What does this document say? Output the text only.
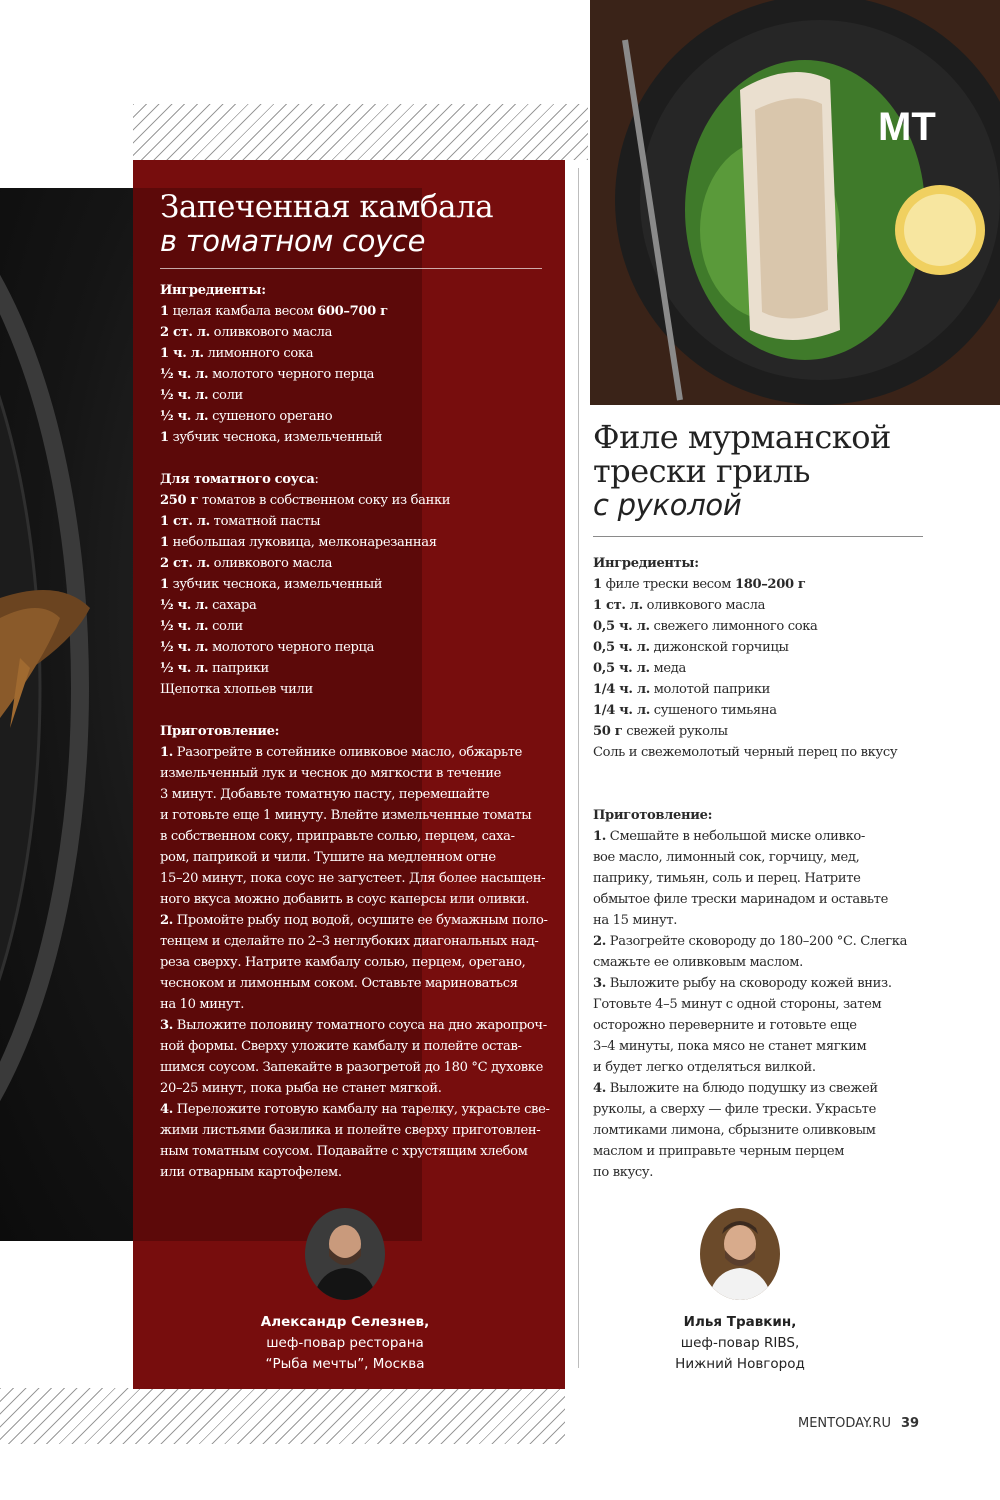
Запеченная камбала
в томатном соусе
Ингредиенты:
1 целая камбала весом 600–700 г
2 ст. л. оливкового масла
1 ч. л. лимонного сока
½ ч. л. молотого черного перца
½ ч. л. соли
½ ч. л. сушеного орегано
1 зубчик чеснока, измельченный
Для томатного соуса:
250 г томатов в собственном соку из банки
1 ст. л. томатной пасты
1 небольшая луковица, мелконарезанная
2 ст. л. оливкового масла
1 зубчик чеснока, измельченный
½ ч. л. сахара
½ ч. л. соли
½ ч. л. молотого черного перца
½ ч. л. паприки
Щепотка хлопьев чили
Приготовление:
1. Разогрейте в сотейнике оливковое масло, обжарьте
измельченный лук и чеснок до мягкости в течение
3 минут. Добавьте томатную пасту, перемешайте
и готовьте еще 1 минуту. Влейте измельченные томаты
в собственном соку, приправьте солью, перцем, саха-
ром, паприкой и чили. Тушите на медленном огне
15–20 минут, пока соус не загустеет. Для более насыщен-
ного вкуса можно добавить в соус каперсы или оливки.
2. Промойте рыбу под водой, осушите ее бумажным поло-
тенцем и сделайте по 2–3 неглубоких диагональных над-
реза сверху. Натрите камбалу солью, перцем, орегано,
чесноком и лимонным соком. Оставьте мариноваться
на 10 минут.
3. Выложите половину томатного соуса на дно жаропроч-
ной формы. Сверху уложите камбалу и полейте остав-
шимся соусом. Запекайте в разогретой до 180 °C духовке
20–25 минут, пока рыба не станет мягкой.
4. Переложите готовую камбалу на тарелку, украсьте све-
жими листьями базилика и полейте сверху приготовлен-
ным томатным соусом. Подавайте с хрустящим хлебом
или отварным картофелем.
Александр Селезнев,
шеф-повар ресторана
“Рыба мечты”, Москва
MT
Филе мурманской
трески гриль
с руколой
Ингредиенты:
1 филе трески весом 180–200 г
1 ст. л. оливкового масла
0,5 ч. л. свежего лимонного сока
0,5 ч. л. дижонской горчицы
0,5 ч. л. меда
1/4 ч. л. молотой паприки
1/4 ч. л. сушеного тимьяна
50 г свежей руколы
Соль и свежемолотый черный перец по вкусу
Приготовление:
1. Смешайте в небольшой миске оливко-
вое масло, лимонный сок, горчицу, мед,
паприку, тимьян, соль и перец. Натрите
обмытое филе трески маринадом и оставьте
на 15 минут.
2. Разогрейте сковороду до 180–200 °С. Слегка
смажьте ее оливковым маслом.
3. Выложите рыбу на сковороду кожей вниз.
Готовьте 4–5 минут с одной стороны, затем
осторожно переверните и готовьте еще
3–4 минуты, пока мясо не станет мягким
и будет легко отделяться вилкой.
4. Выложите на блюдо подушку из свежей
руколы, а сверху — филе трески. Украсьте
ломтиками лимона, сбрызните оливковым
маслом и приправьте черным перцем
по вкусу.
Илья Травкин,
шеф-повар RIBS,
Нижний Новгород
MENTODAY.RU 39
